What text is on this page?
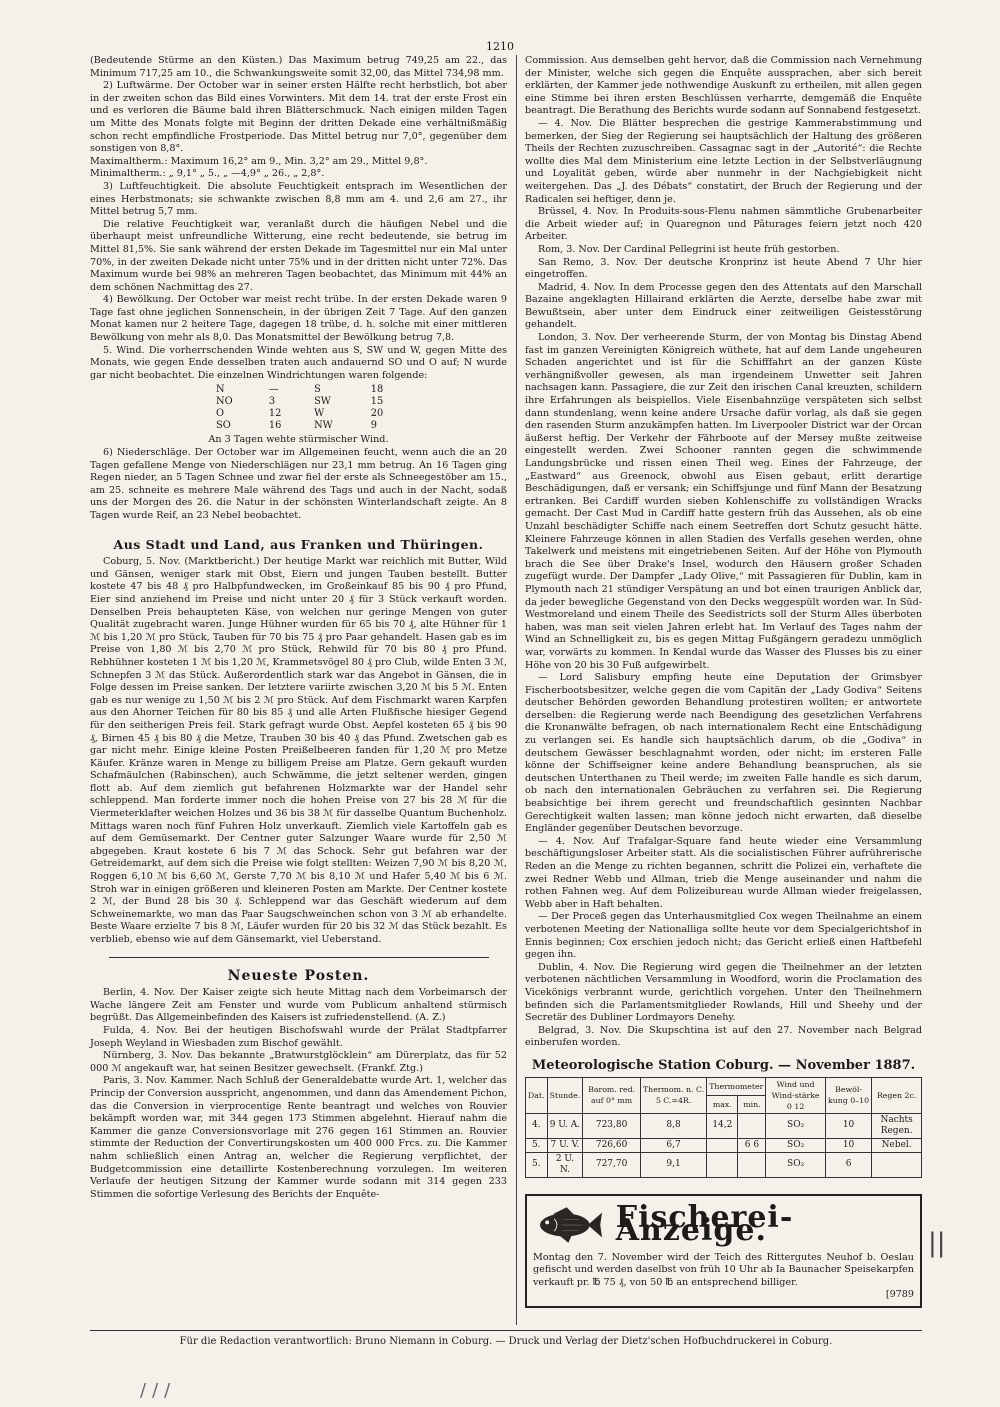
1210

(Bedeutende Stürme an den Küsten.) Das Maximum betrug 749,25 am 22., das Minimum 717,25 am 10., die Schwankungsweite somit 32,00, das Mittel 734,98 mm.

2) Luftwärme. Der October war in seiner ersten Hälfte recht herbstlich, bot aber in der zweiten schon das Bild eines Vorwinters. Mit dem 14. trat der erste Frost ein und es verloren die Bäume bald ihren Blätterschmuck. Nach einigen milden Tagen um Mitte des Monats folgte mit Beginn der dritten Dekade eine verhältnißmäßig schon recht empfindliche Frostperiode. Das Mittel betrug nur 7,0°, gegenüber dem sonstigen von 8,8°.

Maximaltherm.: Maximum 16,2° am 9., Min. 3,2° am 29., Mittel 9,8°.

Minimaltherm.: „ 9,1° „ 5., „ —4,9° „ 26., „ 2,8°.

3) Luftfeuchtigkeit. Die absolute Feuchtigkeit entsprach im Wesentlichen der eines Herbstmonats; sie schwankte zwischen 8,8 mm am 4. und 2,6 am 27., ihr Mittel betrug 5,7 mm.

Die relative Feuchtigkeit war, veranlaßt durch die häufigen Nebel und die überhaupt meist unfreundliche Witterung, eine recht bedeutende, sie betrug im Mittel 81,5%. Sie sank während der ersten Dekade im Tagesmittel nur ein Mal unter 70%, in der zweiten Dekade nicht unter 75% und in der dritten nicht unter 72%. Das Maximum wurde bei 98% an mehreren Tagen beobachtet, das Minimum mit 44% an dem schönen Nachmittag des 27.

4) Bewölkung. Der October war meist recht trübe. In der ersten Dekade waren 9 Tage fast ohne jeglichen Sonnenschein, in der übrigen Zeit 7 Tage. Auf den ganzen Monat kamen nur 2 heitere Tage, dagegen 18 trübe, d. h. solche mit einer mittleren Bewölkung von mehr als 8,0. Das Monatsmittel der Bewölkung betrug 7,8.

5. Wind. Die vorherrschenden Winde wehten aus S, SW und W, gegen Mitte des Monats, wie gegen Ende desselben traten auch andauernd SO und O auf; N wurde gar nicht beobachtet. Die einzelnen Windrichtungen waren folgende:

N	—	S	18
NO	3	SW	15
O	12	W	20
SO	16	NW	9

An 3 Tagen wehte stürmischer Wind.

6) Niederschläge. Der October war im Allgemeinen feucht, wenn auch die an 20 Tagen gefallene Menge von Niederschlägen nur 23,1 mm betrug. An 16 Tagen ging Regen nieder, an 5 Tagen Schnee und zwar fiel der erste als Schneegestöber am 15., am 25. schneite es mehrere Male während des Tags und auch in der Nacht, sodaß uns der Morgen des 26. die Natur in der schönsten Winterlandschaft zeigte. An 8 Tagen wurde Reif, an 23 Nebel beobachtet.

Aus Stadt und Land, aus Franken und Thüringen.

Coburg, 5. Nov. (Marktbericht.) Der heutige Markt war reichlich mit Butter, Wild und Gänsen, weniger stark mit Obst, Eiern und jungen Tauben bestellt. Butter kostete 47 bis 48 ₰ pro Halbpfundwecken, im Großeinkauf 85 bis 90 ₰ pro Pfund, Eier sind anziehend im Preise und nicht unter 20 ₰ für 3 Stück verkauft worden. Denselben Preis behaupteten Käse, von welchen nur geringe Mengen von guter Qualität zugebracht waren. Junge Hühner wurden für 65 bis 70 ₰, alte Hühner für 1 ℳ bis 1,20 ℳ pro Stück, Tauben für 70 bis 75 ₰ pro Paar gehandelt. Hasen gab es im Preise von 1,80 ℳ bis 2,70 ℳ pro Stück, Rehwild für 70 bis 80 ₰ pro Pfund. Rebhühner kosteten 1 ℳ bis 1,20 ℳ, Krammetsvögel 80 ₰ pro Club, wilde Enten 3 ℳ, Schnepfen 3 ℳ das Stück. Außerordentlich stark war das Angebot in Gänsen, die in Folge dessen im Preise sanken. Der letztere variirte zwischen 3,20 ℳ bis 5 ℳ. Enten gab es nur wenige zu 1,50 ℳ bis 2 ℳ pro Stück. Auf dem Fischmarkt waren Karpfen aus den Ahorner Teichen für 80 bis 85 ₰ und alle Arten Flußfische hiesiger Gegend für den seitherigen Preis feil. Stark gefragt wurde Obst. Aepfel kosteten 65 ₰ bis 90 ₰, Birnen 45 ₰ bis 80 ₰ die Metze, Trauben 30 bis 40 ₰ das Pfund. Zwetschen gab es gar nicht mehr. Einige kleine Posten Preißelbeeren fanden für 1,20 ℳ pro Metze Käufer. Kränze waren in Menge zu billigem Preise am Platze. Gern gekauft wurden Schafmäulchen (Rabinschen), auch Schwämme, die jetzt seltener werden, gingen flott ab. Auf dem ziemlich gut befahrenen Holzmarkte war der Handel sehr schleppend. Man forderte immer noch die hohen Preise von 27 bis 28 ℳ für die Viermeterklafter weichen Holzes und 36 bis 38 ℳ für dasselbe Quantum Buchenholz. Mittags waren noch fünf Fuhren Holz unverkauft. Ziemlich viele Kartoffeln gab es auf dem Gemüsemarkt. Der Centner guter Salzunger Waare wurde für 2,50 ℳ abgegeben. Kraut kostete 6 bis 7 ℳ das Schock. Sehr gut befahren war der Getreidemarkt, auf dem sich die Preise wie folgt stellten: Weizen 7,90 ℳ bis 8,20 ℳ, Roggen 6,10 ℳ bis 6,60 ℳ, Gerste 7,70 ℳ bis 8,10 ℳ und Hafer 5,40 ℳ bis 6 ℳ. Stroh war in einigen größeren und kleineren Posten am Markte. Der Centner kostete 2 ℳ, der Bund 28 bis 30 ₰. Schleppend war das Geschäft wiederum auf dem Schweinemarkte, wo man das Paar Saugschweinchen schon von 3 ℳ ab erhandelte. Beste Waare erzielte 7 bis 8 ℳ, Läufer wurden für 20 bis 32 ℳ das Stück bezahlt. Es verblieb, ebenso wie auf dem Gänsemarkt, viel Ueberstand.

Neueste Posten.

Berlin, 4. Nov. Der Kaiser zeigte sich heute Mittag nach dem Vorbeimarsch der Wache längere Zeit am Fenster und wurde vom Publicum anhaltend stürmisch begrüßt. Das Allgemeinbefinden des Kaisers ist zufriedenstellend. (A. Z.)

Fulda, 4. Nov. Bei der heutigen Bischofswahl wurde der Prälat Stadtpfarrer Joseph Weyland in Wiesbaden zum Bischof gewählt.

Nürnberg, 3. Nov. Das bekannte „Bratwurstglöcklein“ am Dürerplatz, das für 52 000 ℳ angekauft war, hat seinen Besitzer gewechselt. (Frankf. Ztg.)

Paris, 3. Nov. Kammer. Nach Schluß der Generaldebatte wurde Art. 1, welcher das Princip der Conversion ausspricht, angenommen, und dann das Amendement Pichon, das die Conversion in vierprocentige Rente beantragt und welches von Rouvier bekämpft worden war, mit 344 gegen 173 Stimmen abgelehnt. Hierauf nahm die Kammer die ganze Conversionsvorlage mit 276 gegen 161 Stimmen an. Rouvier stimmte der Reduction der Convertirungskosten um 400 000 Frcs. zu. Die Kammer nahm schließlich einen Antrag an, welcher die Regierung verpflichtet, der Budgetcommission eine detaillirte Kostenberechnung vorzulegen. Im weiteren Verlaufe der heutigen Sitzung der Kammer wurde sodann mit 314 gegen 233 Stimmen die sofortige Verlesung des Berichts der Enquête-

Commission. Aus demselben geht hervor, daß die Commission nach Vernehmung der Minister, welche sich gegen die Enquête aussprachen, aber sich bereit erklärten, der Kammer jede nothwendige Auskunft zu ertheilen, mit allen gegen eine Stimme bei ihren ersten Beschlüssen verharrte, demgemäß die Enquête beantragt. Die Berathung des Berichts wurde sodann auf Sonnabend festgesetzt.

— 4. Nov. Die Blätter besprechen die gestrige Kammerabstimmung und bemerken, der Sieg der Regierung sei hauptsächlich der Haltung des größeren Theils der Rechten zuzuschreiben. Cassagnac sagt in der „Autorité“: die Rechte wollte dies Mal dem Ministerium eine letzte Lection in der Selbstverläugnung und Loyalität geben, würde aber nunmehr in der Nachgiebigkeit nicht weitergehen. Das „J. des Débats“ constatirt, der Bruch der Regierung und der Radicalen sei heftiger, denn je.

Brüssel, 4. Nov. In Produits-sous-Flenu nahmen sämmtliche Grubenarbeiter die Arbeit wieder auf; in Quaregnon und Pâturages feiern jetzt noch 420 Arbeiter.

Rom, 3. Nov. Der Cardinal Pellegrini ist heute früh gestorben.

San Remo, 3. Nov. Der deutsche Kronprinz ist heute Abend 7 Uhr hier eingetroffen.

Madrid, 4. Nov. In dem Processe gegen den des Attentats auf den Marschall Bazaine angeklagten Hillairand erklärten die Aerzte, derselbe habe zwar mit Bewußtsein, aber unter dem Eindruck einer zeitweiligen Geistesstörung gehandelt.

London, 3. Nov. Der verheerende Sturm, der von Montag bis Dinstag Abend fast im ganzen Vereinigten Königreich wüthete, hat auf dem Lande ungeheuren Schaden angerichtet und ist für die Schifffahrt an der ganzen Küste verhängnißvoller gewesen, als man irgendeinem Unwetter seit Jahren nachsagen kann. Passagiere, die zur Zeit den irischen Canal kreuzten, schildern ihre Erfahrungen als beispiellos. Viele Eisenbahnzüge verspäteten sich selbst dann stundenlang, wenn keine andere Ursache dafür vorlag, als daß sie gegen den rasenden Sturm anzukämpfen hatten. Im Liverpooler District war der Orcan äußerst heftig. Der Verkehr der Fährboote auf der Mersey mußte zeitweise eingestellt werden. Zwei Schooner rannten gegen die schwimmende Landungsbrücke und rissen einen Theil weg. Eines der Fahrzeuge, der „Eastward“ aus Greenock, obwohl aus Eisen gebaut, erlitt derartige Beschädigungen, daß er versank; ein Schiffsjunge und fünf Mann der Besatzung ertranken. Bei Cardiff wurden sieben Kohlenschiffe zu vollständigen Wracks gemacht. Der Cast Mud in Cardiff hatte gestern früh das Aussehen, als ob eine Unzahl beschädigter Schiffe nach einem Seetreffen dort Schutz gesucht hätte. Kleinere Fahrzeuge können in allen Stadien des Verfalls gesehen werden, ohne Takelwerk und meistens mit eingetriebenen Seiten. Auf der Höhe von Plymouth brach die See über Drake's Insel, wodurch den Häusern großer Schaden zugefügt wurde. Der Dampfer „Lady Olive,“ mit Passagieren für Dublin, kam in Plymouth nach 21 stündiger Verspätung an und bot einen traurigen Anblick dar, da jeder bewegliche Gegenstand von den Decks weggespült worden war. In Süd-Westmoreland und einem Theile des Seedistricts soll der Sturm Alles überboten haben, was man seit vielen Jahren erlebt hat. Im Verlauf des Tages nahm der Wind an Schnelligkeit zu, bis es gegen Mittag Fußgängern geradezu unmöglich war, vorwärts zu kommen. In Kendal wurde das Wasser des Flusses bis zu einer Höhe von 20 bis 30 Fuß aufgewirbelt.

— Lord Salisbury empfing heute eine Deputation der Grimsbyer Fischerbootsbesitzer, welche gegen die vom Capitän der „Lady Godiva“ Seitens deutscher Behörden geworden Behandlung protestiren wollten; er antwortete derselben: die Regierung werde nach Beendigung des gesetzlichen Verfahrens die Kronanwälte befragen, ob nach internationalem Recht eine Entschädigung zu verlangen sei. Es handle sich hauptsächlich darum, ob die „Godiva“ in deutschem Gewässer beschlagnahmt worden, oder nicht; im ersteren Falle könne der Schiffseigner keine andere Behandlung beanspruchen, als sie deutschen Unterthanen zu Theil werde; im zweiten Falle handle es sich darum, ob nach den internationalen Gebräuchen zu verfahren sei. Die Regierung beabsichtige bei ihrem gerecht und freundschaftlich gesinnten Nachbar Gerechtigkeit walten lassen; man könne jedoch nicht erwarten, daß dieselbe Engländer gegenüber Deutschen bevorzuge.

— 4. Nov. Auf Trafalgar-Square fand heute wieder eine Versammlung beschäftigungsloser Arbeiter statt. Als die socialistischen Führer aufrührerische Reden an die Menge zu richten begannen, schritt die Polizei ein, verhaftete die zwei Redner Webb und Allman, trieb die Menge auseinander und nahm die rothen Fahnen weg. Auf dem Polizeibureau wurde Allman wieder freigelassen, Webb aber in Haft behalten.

— Der Proceß gegen das Unterhausmitglied Cox wegen Theilnahme an einem verbotenen Meeting der Nationalliga sollte heute vor dem Specialgerichtshof in Ennis beginnen; Cox erschien jedoch nicht; das Gericht erließ einen Haftbefehl gegen ihn.

Dublin, 4. Nov. Die Regierung wird gegen die Theilnehmer an der letzten verbotenen nächtlichen Versammlung in Woodford, worin die Proclamation des Vicekönigs verbrannt wurde, gerichtlich vorgehen. Unter den Theilnehmern befinden sich die Parlamentsmitglieder Rowlands, Hill und Sheehy und der Secretär des Dubliner Lordmayors Denehy.

Belgrad, 3. Nov. Die Skupschtina ist auf den 27. November nach Belgrad einberufen worden.

Meteorologische Station Coburg. — November 1887.
Dat.	Stunde.	Barom. red. auf 0° mm	Thermom. n. C. 5 C.=4R.	Thermometer		Wind und Wind-stärke 0 12	Bewöl-kung 0–10	Regen 2c.
				max.	min.			
4.	9 U. A.	723,80	8,8	14,2		SO₂	10	Nachts Regen.
5.	7 U. V.	726,60	6,7		6 6	SO₂	10	Nebel.
5.	2 U. N.	727,70	9,1			SO₂	6	
Fischerei-Anzeige.
Montag den 7. November wird der Teich des Rittergutes Neuhof b. Oeslau gefischt und werden daselbst von früh 10 Uhr ab Ia Baunacher Speisekarpfen verkauft pr. ℔ 75 ₰, von 50 ℔ an entsprechend billiger.
[9789
||
Für die Redaction verantwortlich: Bruno Niemann in Coburg. — Druck und Verlag der Dietz'schen Hofbuchdruckerei in Coburg.
///
